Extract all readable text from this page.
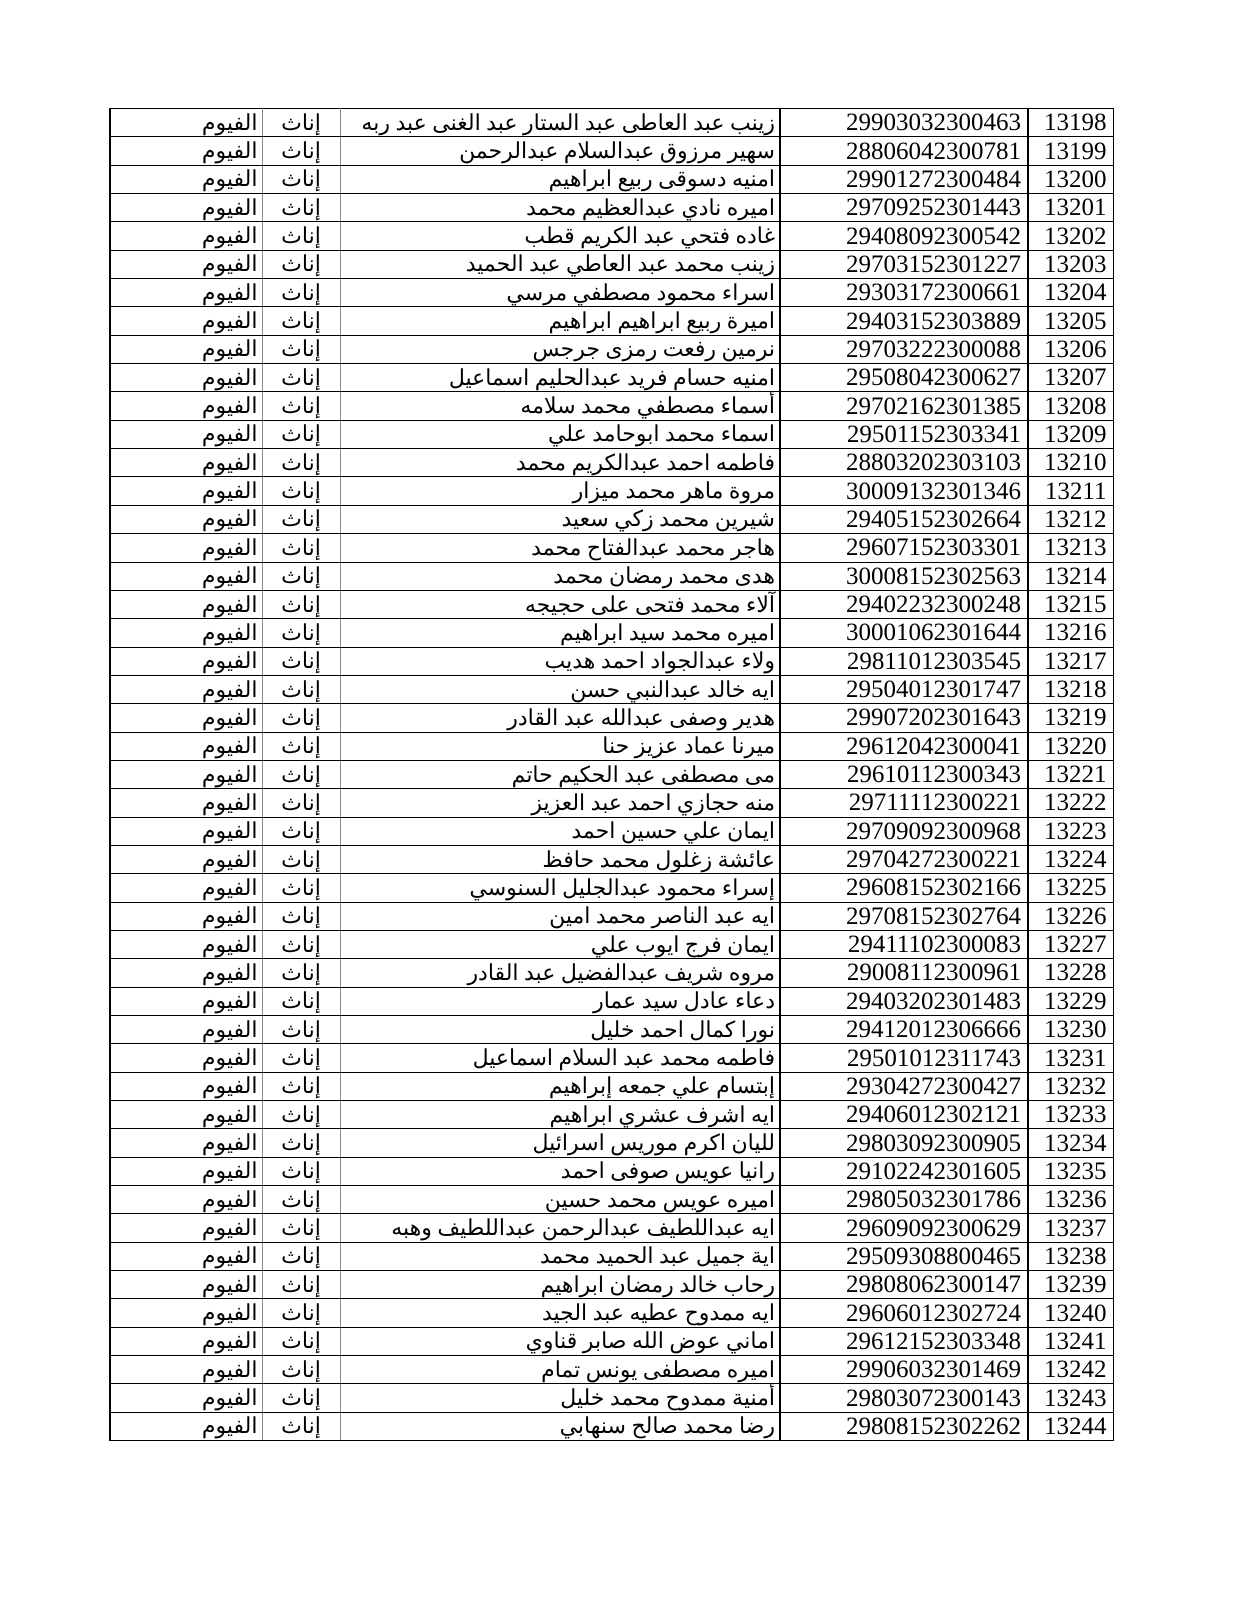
الفيوم	إناث	زينب عبد العاطى عبد الستار عبد الغنى عبد ربه	29903032300463	13198
الفيوم	إناث	سهير مرزوق عبدالسلام عبدالرحمن	28806042300781	13199
الفيوم	إناث	امنيه دسوقى ربيع ابراهيم	29901272300484	13200
الفيوم	إناث	اميره نادي عبدالعظيم محمد	29709252301443	13201
الفيوم	إناث	غاده فتحي عبد الكريم قطب	29408092300542	13202
الفيوم	إناث	زينب محمد عبد العاطي عبد الحميد	29703152301227	13203
الفيوم	إناث	اسراء محمود مصطفي مرسي	29303172300661	13204
الفيوم	إناث	اميرة ربيع ابراهيم ابراهيم	29403152303889	13205
الفيوم	إناث	نرمين رفعت رمزى جرجس	29703222300088	13206
الفيوم	إناث	امنيه حسام فريد عبدالحليم اسماعيل	29508042300627	13207
الفيوم	إناث	أسماء مصطفي محمد سلامه	29702162301385	13208
الفيوم	إناث	اسماء محمد ابوحامد علي	29501152303341	13209
الفيوم	إناث	فاطمه احمد عبدالكريم محمد	28803202303103	13210
الفيوم	إناث	مروة ماهر محمد ميزار	30009132301346	13211
الفيوم	إناث	شيرين محمد زكي سعيد	29405152302664	13212
الفيوم	إناث	هاجر محمد عبدالفتاح محمد	29607152303301	13213
الفيوم	إناث	هدى محمد رمضان محمد	30008152302563	13214
الفيوم	إناث	آلاء محمد فتحى على حجيجه	29402232300248	13215
الفيوم	إناث	اميره محمد سيد ابراهيم	30001062301644	13216
الفيوم	إناث	ولاء عبدالجواد احمد هديب	29811012303545	13217
الفيوم	إناث	ايه خالد عبدالنبي حسن	29504012301747	13218
الفيوم	إناث	هدير وصفى عبدالله عبد القادر	29907202301643	13219
الفيوم	إناث	ميرنا عماد عزيز حنا	29612042300041	13220
الفيوم	إناث	مى مصطفى عبد الحكيم حاتم	29610112300343	13221
الفيوم	إناث	منه حجازي احمد عبد العزيز	29711112300221	13222
الفيوم	إناث	ايمان علي حسين احمد	29709092300968	13223
الفيوم	إناث	عائشة زغلول محمد حافظ	29704272300221	13224
الفيوم	إناث	إسراء محمود عبدالجليل السنوسي	29608152302166	13225
الفيوم	إناث	ايه عبد الناصر محمد امين	29708152302764	13226
الفيوم	إناث	ايمان فرج ايوب علي	29411102300083	13227
الفيوم	إناث	مروه شريف عبدالفضيل عبد القادر	29008112300961	13228
الفيوم	إناث	دعاء عادل سيد عمار	29403202301483	13229
الفيوم	إناث	نورا كمال احمد خليل	29412012306666	13230
الفيوم	إناث	فاطمه محمد عبد السلام اسماعيل	29501012311743	13231
الفيوم	إناث	إبتسام علي جمعه إبراهيم	29304272300427	13232
الفيوم	إناث	ايه اشرف عشري ابراهيم	29406012302121	13233
الفيوم	إناث	لليان اكرم موريس اسرائيل	29803092300905	13234
الفيوم	إناث	رانيا عويس صوفى احمد	29102242301605	13235
الفيوم	إناث	اميره عويس محمد حسين	29805032301786	13236
الفيوم	إناث	ايه عبداللطيف عبدالرحمن عبداللطيف وهبه	29609092300629	13237
الفيوم	إناث	اية جميل عبد الحميد محمد	29509308800465	13238
الفيوم	إناث	رحاب خالد رمضان ابراهيم	29808062300147	13239
الفيوم	إناث	ايه ممدوح عطيه عبد الجيد	29606012302724	13240
الفيوم	إناث	اماني عوض الله صابر قناوي	29612152303348	13241
الفيوم	إناث	اميره مصطفى يونس تمام	29906032301469	13242
الفيوم	إناث	أمنية ممدوح محمد خليل	29803072300143	13243
الفيوم	إناث	رضا محمد صالح سنهابي	29808152302262	13244
